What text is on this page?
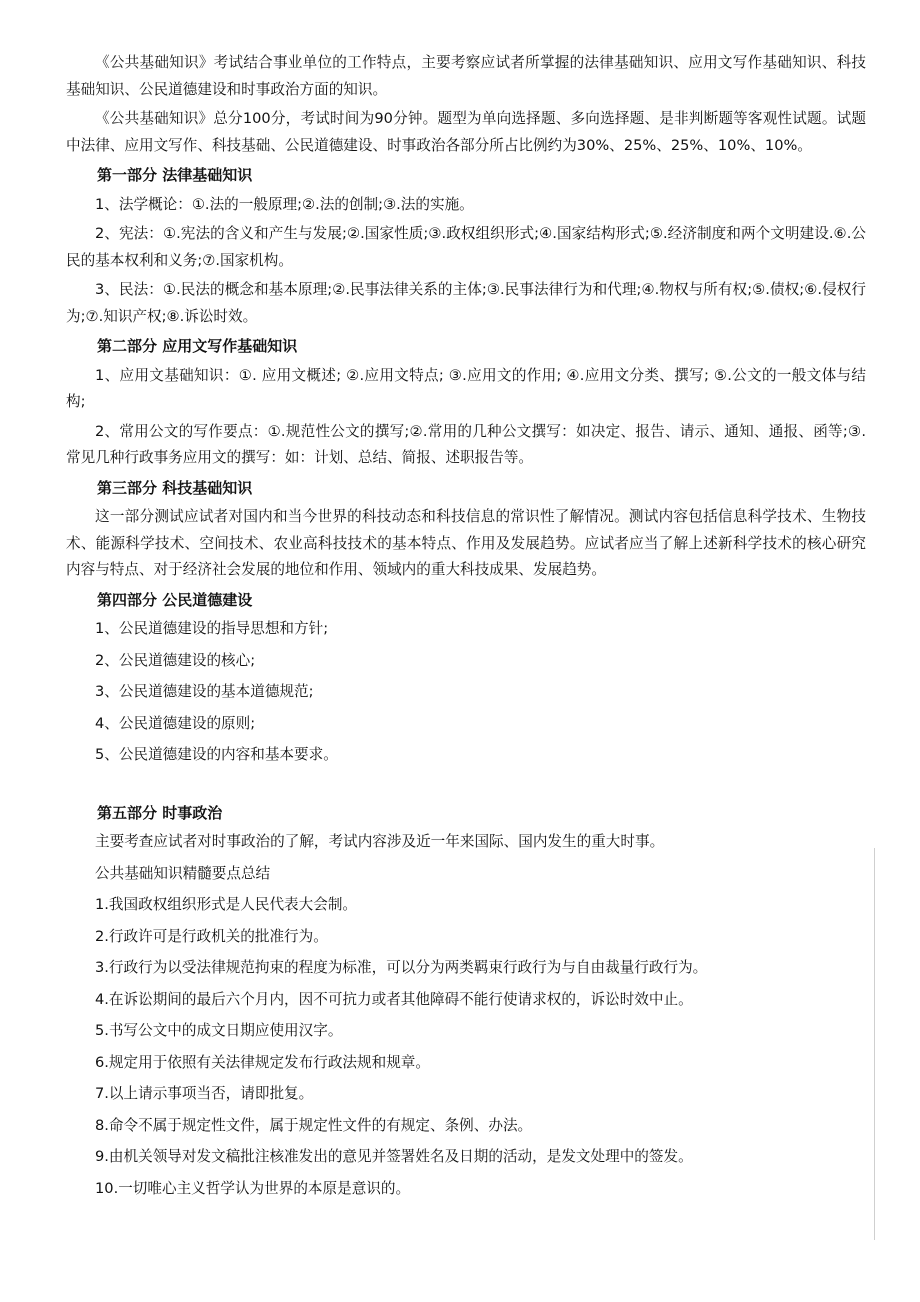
《公共基础知识》考试结合事业单位的工作特点，主要考察应试者所掌握的法律基础知识、应用文写作基础知识、科技基础知识、公民道德建设和时事政治方面的知识。

《公共基础知识》总分100分，考试时间为90分钟。题型为单向选择题、多向选择题、是非判断题等客观性试题。试题中法律、应用文写作、科技基础、公民道德建设、时事政治各部分所占比例约为30%、25%、25%、10%、10%。

第一部分 法律基础知识

1、法学概论：①.法的一般原理;②.法的创制;③.法的实施。

2、宪法：①.宪法的含义和产生与发展;②.国家性质;③.政权组织形式;④.国家结构形式;⑤.经济制度和两个文明建设.⑥.公民的基本权利和义务;⑦.国家机构。

3、民法：①.民法的概念和基本原理;②.民事法律关系的主体;③.民事法律行为和代理;④.物权与所有权;⑤.债权;⑥.侵权行为;⑦.知识产权;⑧.诉讼时效。

第二部分 应用文写作基础知识

1、应用文基础知识：①. 应用文概述; ②.应用文特点; ③.应用文的作用; ④.应用文分类、撰写; ⑤.公文的一般文体与结构;

2、常用公文的写作要点：①.规范性公文的撰写;②.常用的几种公文撰写：如决定、报告、请示、通知、通报、函等;③.常见几种行政事务应用文的撰写：如：计划、总结、简报、述职报告等。

第三部分 科技基础知识

这一部分测试应试者对国内和当今世界的科技动态和科技信息的常识性了解情况。测试内容包括信息科学技术、生物技术、能源科学技术、空间技术、农业高科技技术的基本特点、作用及发展趋势。应试者应当了解上述新科学技术的核心研究内容与特点、对于经济社会发展的地位和作用、领域内的重大科技成果、发展趋势。

第四部分 公民道德建设

1、公民道德建设的指导思想和方针;

2、公民道德建设的核心;

3、公民道德建设的基本道德规范;

4、公民道德建设的原则;

5、公民道德建设的内容和基本要求。

第五部分 时事政治

主要考查应试者对时事政治的了解，考试内容涉及近一年来国际、国内发生的重大时事。

公共基础知识精髓要点总结

1.我国政权组织形式是人民代表大会制。

2.行政许可是行政机关的批准行为。

3.行政行为以受法律规范拘束的程度为标准，可以分为两类羁束行政行为与自由裁量行政行为。

4.在诉讼期间的最后六个月内，因不可抗力或者其他障碍不能行使请求权的，诉讼时效中止。

5.书写公文中的成文日期应使用汉字。

6.规定用于依照有关法律规定发布行政法规和规章。

7.以上请示事项当否，请即批复。

8.命令不属于规定性文件，属于规定性文件的有规定、条例、办法。

9.由机关领导对发文稿批注核准发出的意见并签署姓名及日期的活动，是发文处理中的签发。

10.一切唯心主义哲学认为世界的本原是意识的。
